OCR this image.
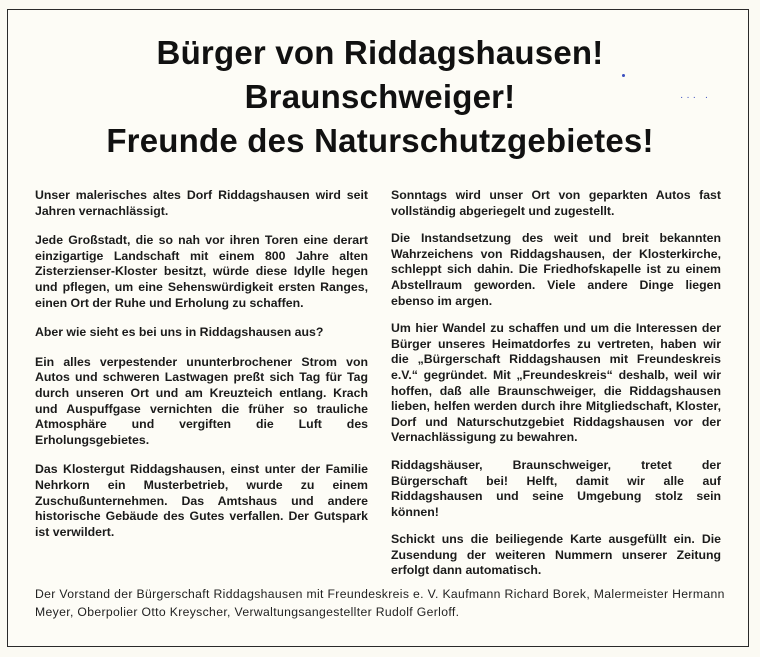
··· ·
Bürger von Riddagshausen!
Braunschweiger!
Freunde des Naturschutzgebietes!

Unser malerisches altes Dorf Riddagshausen wird seit Jahren vernachlässigt.

Jede Großstadt, die so nah vor ihren Toren eine derart einzigartige Landschaft mit einem 800 Jahre alten Zisterzienser-Kloster besitzt, würde diese Idylle hegen und pflegen, um eine Sehenswürdigkeit ersten Ranges, einen Ort der Ruhe und Erholung zu schaffen.

Aber wie sieht es bei uns in Riddagshausen aus?

Ein alles verpestender ununterbrochener Strom von Autos und schweren Lastwagen preßt sich Tag für Tag durch unseren Ort und am Kreuzteich entlang. Krach und Auspuffgase vernichten die früher so trauliche Atmosphäre und vergiften die Luft des Erholungsgebietes.

Das Klostergut Riddagshausen, einst unter der Familie Nehrkorn ein Musterbetrieb, wurde zu einem Zuschußunternehmen. Das Amtshaus und andere historische Gebäude des Gutes verfallen. Der Gutspark ist verwildert.

Sonntags wird unser Ort von geparkten Autos fast vollständig abgeriegelt und zugestellt.

Die Instandsetzung des weit und breit bekannten Wahrzeichens von Riddagshausen, der Klosterkirche, schleppt sich dahin. Die Friedhofskapelle ist zu einem Abstellraum geworden. Viele andere Dinge liegen ebenso im argen.

Um hier Wandel zu schaffen und um die Interessen der Bürger unseres Heimatdorfes zu vertreten, haben wir die „Bürgerschaft Riddagshausen mit Freundeskreis e.V.“ gegründet. Mit „Freundeskreis“ deshalb, weil wir hoffen, daß alle Braunschweiger, die Riddagshausen lieben, helfen werden durch ihre Mitgliedschaft, Kloster, Dorf und Naturschutzgebiet Riddagshausen vor der Vernachlässigung zu bewahren.

Riddagshäuser, Braunschweiger, tretet der Bürgerschaft bei! Helft, damit wir alle auf Riddagshausen und seine Umgebung stolz sein können!

Schickt uns die beiliegende Karte ausgefüllt ein. Die Zusendung der weiteren Nummern unserer Zeitung erfolgt dann automatisch.

Der Vorstand der Bürgerschaft Riddagshausen mit Freundeskreis e. V. Kaufmann Richard Borek, Malermeister Hermann Meyer, Oberpolier Otto Kreyscher, Verwaltungsangestellter Rudolf Gerloff.
